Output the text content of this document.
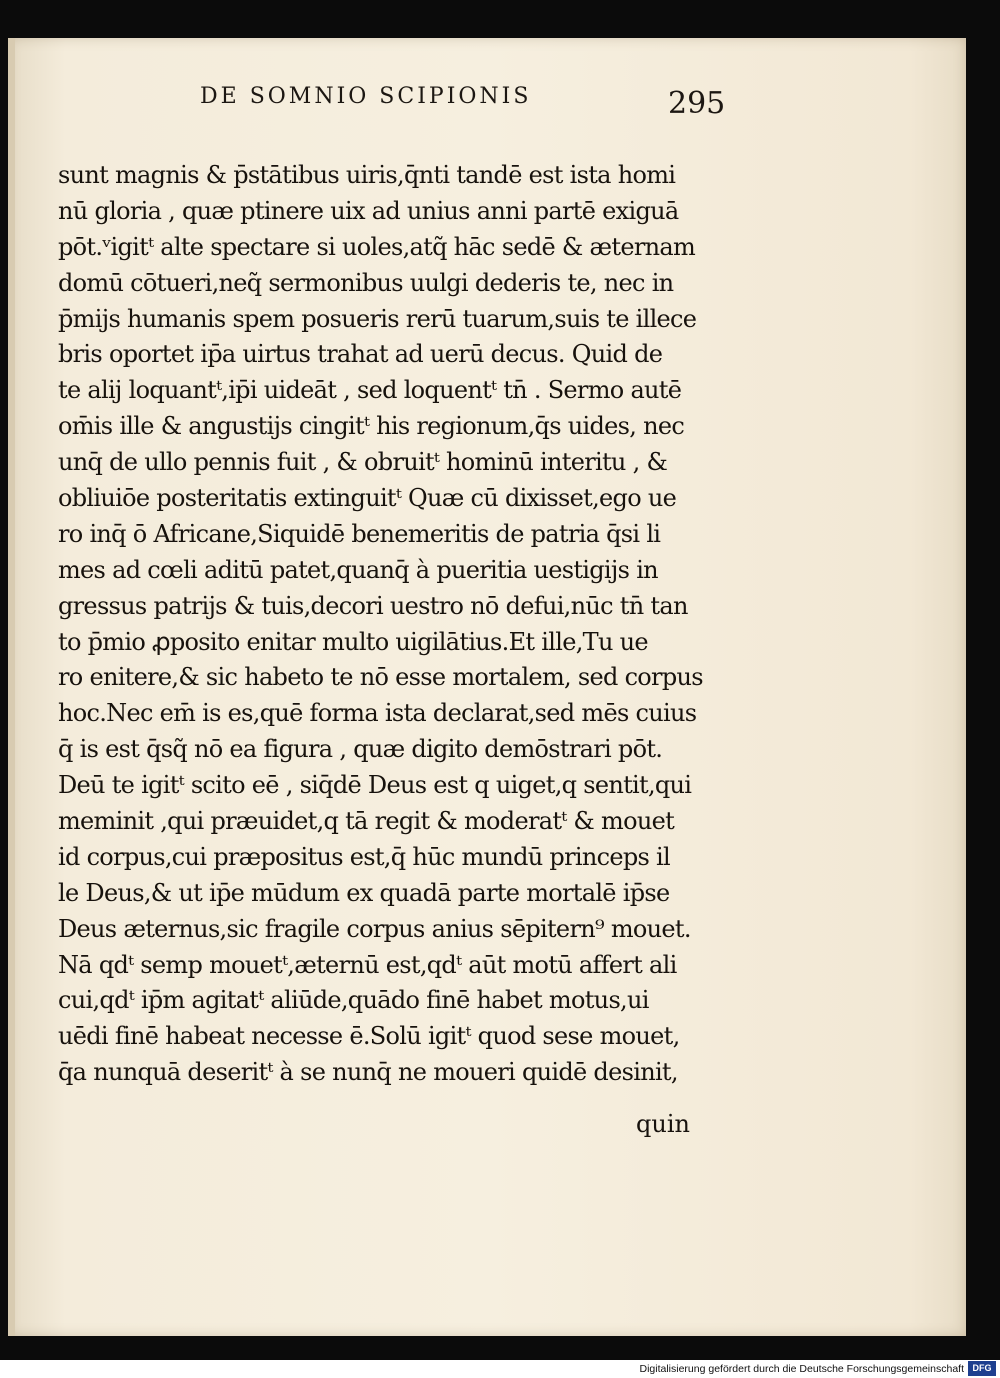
DE SOMNIO SCIPIONIS	295
sunt magnis & p̄stātibus uiris,q̄nti tandē est ista homi
nū gloria , quæ ptinere uix ad unius anni partē exiguā
pōt.ᵛigitᵗ alte spectare si uoles,atq̃ hāc sedē & æternam
domū cōtueri,neq̃ sermonibus uulgi dederis te, nec in
p̄mijs humanis spem posueris rerū tuarum,suis te illece
bris oportet ip̄a uirtus trahat ad uerū decus. Quid de
te alij loquantᵗ,ip̄i uideāt , sed loquentᵗ tn̄ . Sermo autē
om̄is ille & angustijs cingitᵗ his regionum,q̄s uides, nec
unq̄ de ullo pennis fuit , & obruitᵗ hominū interitu , &
obliuiōe posteritatis extinguitᵗ Quæ cū dixisset,ego ue
ro inq̄ ō Africane,Siquidē benemeritis de patria q̄si li
mes ad cœli aditū patet,quanq̄ à pueritia uestigijs in
gressus patrijs & tuis,decori uestro nō defui,nūc tn̄ tan
to p̄mio ꝓposito enitar multo uigilātius.Et ille,Tu ue
ro enitere,& sic habeto te nō esse mortalem, sed corpus
hoc.Nec em̄ is es,quē forma ista declarat,sed mēs cuius
q̄ is est q̄sq̃ nō ea figura , quæ digito demōstrari pōt.
Deū te igitᵗ scito eē , siq̄dē Deus est q uiget,q sentit,qui
meminit ,qui præuidet,q tā regit & moderatᵗ & mouet
id corpus,cui præpositus est,q̄ hūc mundū princeps il
le Deus,& ut ip̄e mūdum ex quadā parte mortalē ip̄se
Deus æternus,sic fragile corpus anius sēpitern⁹ mouet.
Nā qdᵗ semp mouetᵗ,æternū est,qdᵗ aūt motū affert ali
cui,qdᵗ ip̄m agitatᵗ aliūde,quādo finē habet motus,ui
uēdi finē habeat necesse ē.Solū igitᵗ quod sese mouet,
q̄a nunquā deseritᵗ à se nunq̄ ne moueri quidē desinit,
quin
Digitalisierung gefördert durch die Deutsche Forschungsgemeinschaft DFG
